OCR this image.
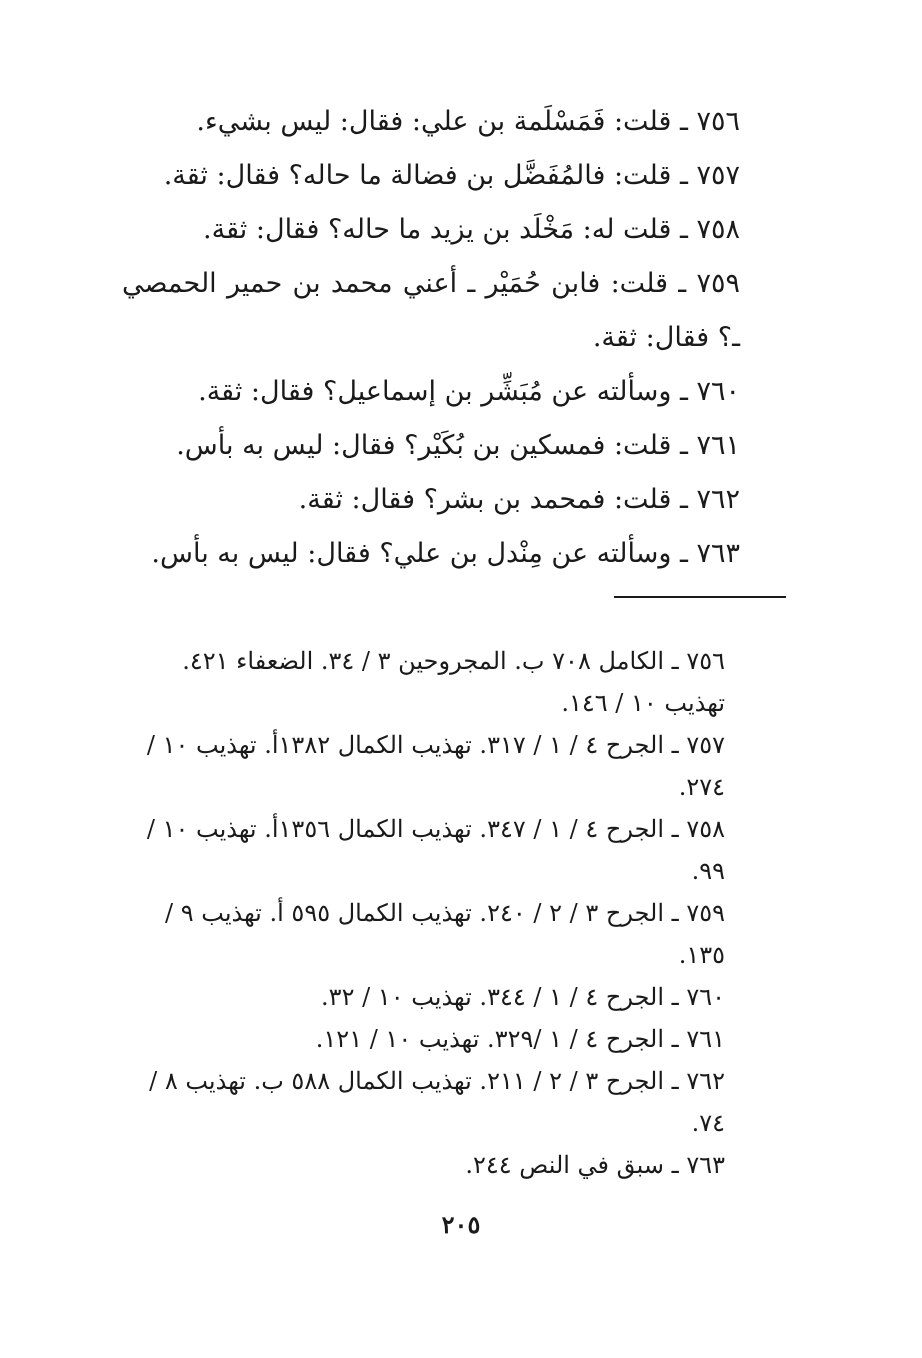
٧٥٦ ـ قلت: فَمَسْلَمة بن علي: فقال: ليس بشيء.

٧٥٧ ـ قلت: فالمُفَضَّل بن فضالة ما حاله؟ فقال: ثقة.

٧٥٨ ـ قلت له: مَخْلَد بن يزيد ما حاله؟ فقال: ثقة.

٧٥٩ ـ قلت: فابن حُمَيْر ـ أعني محمد بن حمير الحمصي ـ؟ فقال: ثقة.

٧٦٠ ـ وسألته عن مُبَشِّر بن إسماعيل؟ فقال: ثقة.

٧٦١ ـ قلت: فمسكين بن بُكَيْر؟ فقال: ليس به بأس.

٧٦٢ ـ قلت: فمحمد بن بشر؟ فقال: ثقة.

٧٦٣ ـ وسألته عن مِنْدل بن علي؟ فقال: ليس به بأس.

٧٥٦ ـ الكامل ٧٠٨ ب. المجروحين ٣ / ٣٤. الضعفاء ٤٢١. تهذيب ١٠ / ١٤٦.

٧٥٧ ـ الجرح ٤ / ١ / ٣١٧. تهذيب الكمال ١٣٨٢أ. تهذيب ١٠ / ٢٧٤.

٧٥٨ ـ الجرح ٤ / ١ / ٣٤٧. تهذيب الكمال ١٣٥٦أ. تهذيب ١٠ / ٩٩.

٧٥٩ ـ الجرح ٣ / ٢ / ٢٤٠. تهذيب الكمال ٥٩٥ أ. تهذيب ٩ / ١٣٥.

٧٦٠ ـ الجرح ٤ / ١ / ٣٤٤. تهذيب ١٠ / ٣٢.

٧٦١ ـ الجرح ٤ / ١ /٣٢٩. تهذيب ١٠ / ١٢١.

٧٦٢ ـ الجرح ٣ / ٢ / ٢١١. تهذيب الكمال ٥٨٨ ب. تهذيب ٨ / ٧٤.

٧٦٣ ـ سبق في النص ٢٤٤.

٢٠٥
